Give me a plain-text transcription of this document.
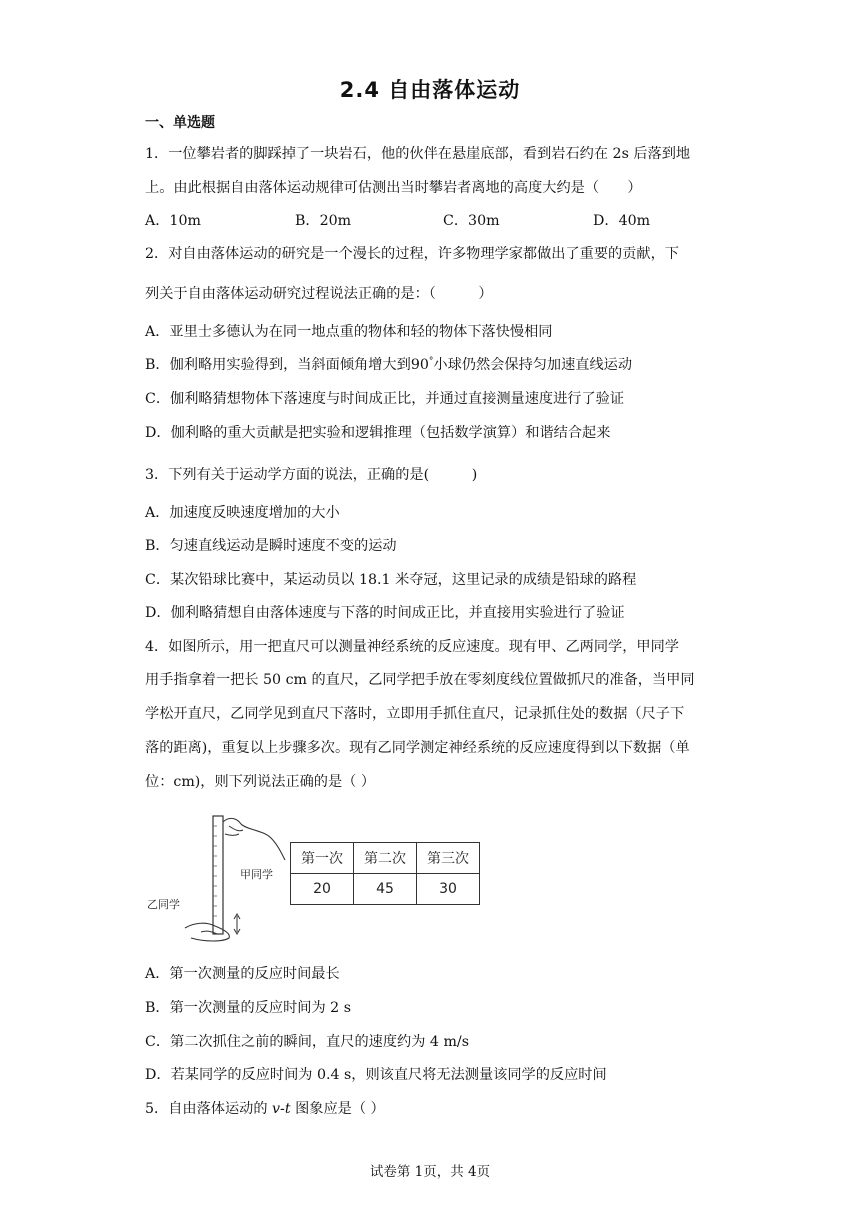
2.4 自由落体运动
一、单选题
1．一位攀岩者的脚踩掉了一块岩石，他的伙伴在悬崖底部，看到岩石约在 2s 后落到地
上。由此根据自由落体运动规律可估测出当时攀岩者离地的高度大约是（　　）
A．10m	B．20m	C．30m	D．40m
2．对自由落体运动的研究是一个漫长的过程，许多物理学家都做出了重要的贡献，下
列关于自由落体运动研究过程说法正确的是：（　　　）
A．亚里士多德认为在同一地点重的物体和轻的物体下落快慢相同
B．伽利略用实验得到，当斜面倾角增大到90°小球仍然会保持匀加速直线运动
C．伽利略猜想物体下落速度与时间成正比，并通过直接测量速度进行了验证
D．伽利略的重大贡献是把实验和逻辑推理（包括数学演算）和谐结合起来
3．下列有关于运动学方面的说法，正确的是(　　　)
A．加速度反映速度增加的大小
B．匀速直线运动是瞬时速度不变的运动
C．某次铅球比赛中，某运动员以 18.1 米夺冠，这里记录的成绩是铅球的路程
D．伽利略猜想自由落体速度与下落的时间成正比，并直接用实验进行了验证
4．如图所示，用一把直尺可以测量神经系统的反应速度。现有甲、乙两同学，甲同学
用手指拿着一把长 50 cm 的直尺，乙同学把手放在零刻度线位置做抓尺的准备，当甲同
学松开直尺，乙同学见到直尺下落时，立即用手抓住直尺，记录抓住处的数据（尺子下
落的距离)，重复以上步骤多次。现有乙同学测定神经系统的反应速度得到以下数据（单
位：cm)，则下列说法正确的是（ ）
甲同学
乙同学
第一次	第二次	第三次
20	45	30
A．第一次测量的反应时间最长
B．第一次测量的反应时间为 2 s
C．第二次抓住之前的瞬间，直尺的速度约为 4 m/s
D．若某同学的反应时间为 0.4 s，则该直尺将无法测量该同学的反应时间
5．自由落体运动的 v-t 图象应是（ ）
试卷第 1页，共 4页
